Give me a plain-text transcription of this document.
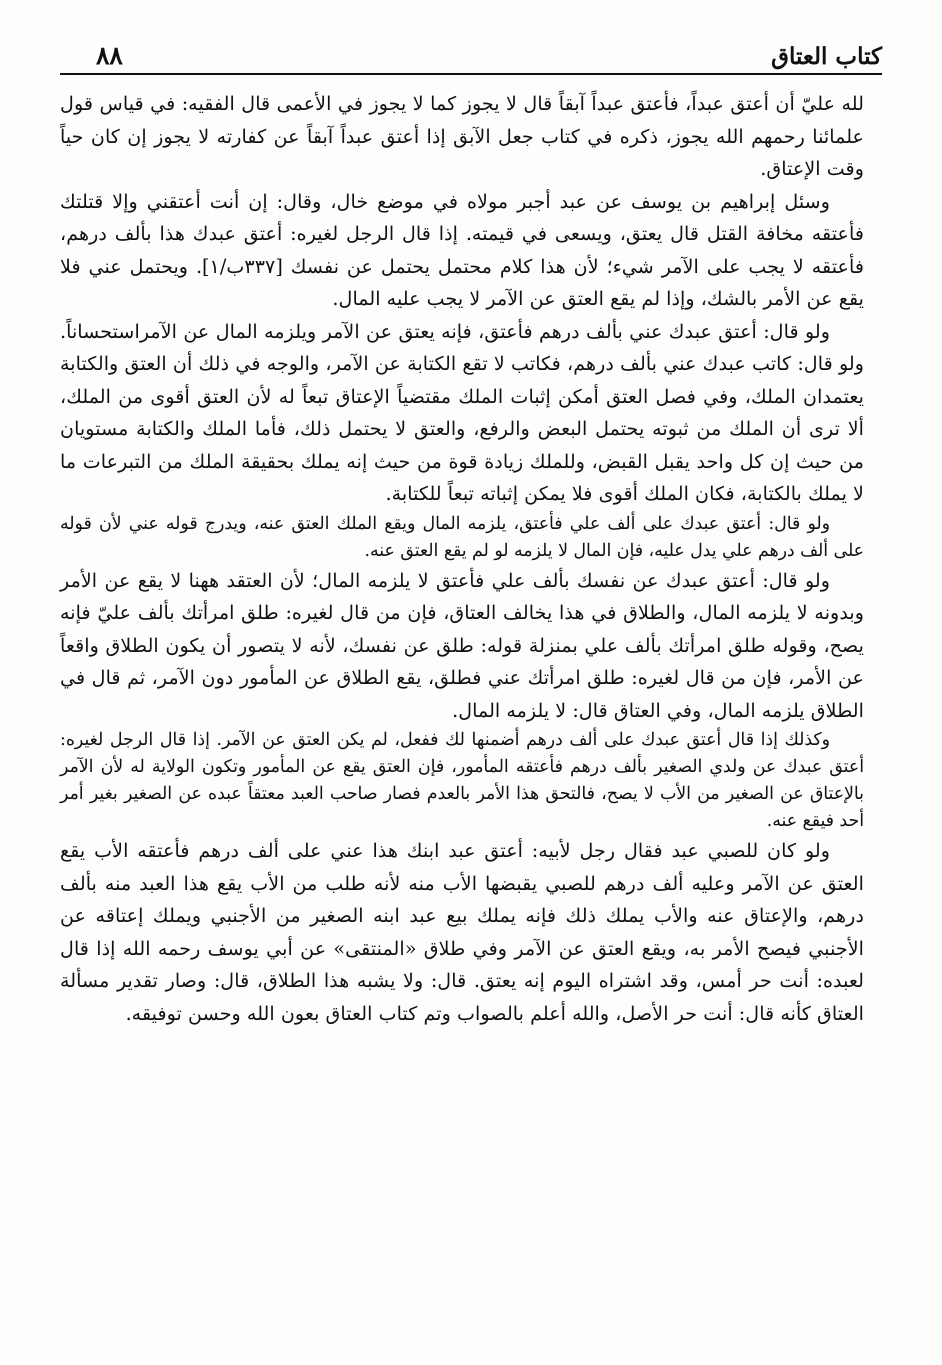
كتاب العتاق
٨٨

لله عليّ أن أعتق عبداً، فأعتق عبداً آبقاً قال لا يجوز كما لا يجوز في الأعمى قال الفقيه: في قياس قول علمائنا رحمهم الله يجوز، ذكره في كتاب جعل الآبق إذا أعتق عبداً آبقاً عن كفارته لا يجوز إن كان حياً وقت الإعتاق.

وسئل إبراهيم بن يوسف عن عبد أجبر مولاه في موضع خال، وقال: إن أنت أعتقني وإلا قتلتك فأعتقه مخافة القتل قال يعتق، ويسعى في قيمته. إذا قال الرجل لغيره: أعتق عبدك هذا بألف درهم، فأعتقه لا يجب على الآمر شيء؛ لأن هذا كلام محتمل يحتمل عن نفسك [٣٣٧ب/١]. ويحتمل عني فلا يقع عن الأمر بالشك، وإذا لم يقع العتق عن الآمر لا يجب عليه المال.

ولو قال: أعتق عبدك عني بألف درهم فأعتق، فإنه يعتق عن الآمر ويلزمه المال عن الآمراستحساناً. ولو قال: كاتب عبدك عني بألف درهم، فكاتب لا تقع الكتابة عن الآمر، والوجه في ذلك أن العتق والكتابة يعتمدان الملك، وفي فصل العتق أمكن إثبات الملك مقتضياً الإعتاق تبعاً له لأن العتق أقوى من الملك، ألا ترى أن الملك من ثبوته يحتمل البعض والرفع، والعتق لا يحتمل ذلك، فأما الملك والكتابة مستويان من حيث إن كل واحد يقبل القبض، وللملك زيادة قوة من حيث إنه يملك بحقيقة الملك من التبرعات ما لا يملك بالكتابة، فكان الملك أقوى فلا يمكن إثباته تبعاً للكتابة.

ولو قال: أعتق عبدك على ألف علي فأعتق، يلزمه المال ويقع الملك العتق عنه، ويدرج قوله عني لأن قوله على ألف درهم علي يدل عليه، فإن المال لا يلزمه لو لم يقع العتق عنه.

ولو قال: أعتق عبدك عن نفسك بألف علي فأعتق لا يلزمه المال؛ لأن العتقد ههنا لا يقع عن الأمر وبدونه لا يلزمه المال، والطلاق في هذا يخالف العتاق، فإن من قال لغيره: طلق امرأتك بألف عليّ فإنه يصح، وقوله طلق امرأتك بألف علي بمنزلة قوله: طلق عن نفسك، لأنه لا يتصور أن يكون الطلاق واقعاً عن الأمر، فإن من قال لغيره: طلق امرأتك عني فطلق، يقع الطلاق عن المأمور دون الآمر، ثم قال في الطلاق يلزمه المال، وفي العتاق قال: لا يلزمه المال.

وكذلك إذا قال أعتق عبدك على ألف درهم أضمنها لك ففعل، لم يكن العتق عن الآمر. إذا قال الرجل لغيره: أعتق عبدك عن ولدي الصغير بألف درهم فأعتقه المأمور، فإن العتق يقع عن المأمور وتكون الولاية له لأن الآمر بالإعتاق عن الصغير من الأب لا يصح، فالتحق هذا الأمر بالعدم فصار صاحب العبد معتقاً عبده عن الصغير بغير أمر أحد فيقع عنه.

ولو كان للصبي عبد فقال رجل لأبيه: أعتق عبد ابنك هذا عني على ألف درهم فأعتقه الأب يقع العتق عن الآمر وعليه ألف درهم للصبي يقبضها الأب منه لأنه طلب من الأب يقع هذا العبد منه بألف درهم، والإعتاق عنه والأب يملك ذلك فإنه يملك بيع عبد ابنه الصغير من الأجنبي ويملك إعتاقه عن الأجنبي فيصح الأمر به، ويقع العتق عن الآمر وفي طلاق «المنتقى» عن أبي يوسف رحمه الله إذا قال لعبده: أنت حر أمس، وقد اشتراه اليوم إنه يعتق. قال: ولا يشبه هذا الطلاق، قال: وصار تقدير مسألة العتاق كأنه قال: أنت حر الأصل، والله أعلم بالصواب وتم كتاب العتاق بعون الله وحسن توفيقه.
